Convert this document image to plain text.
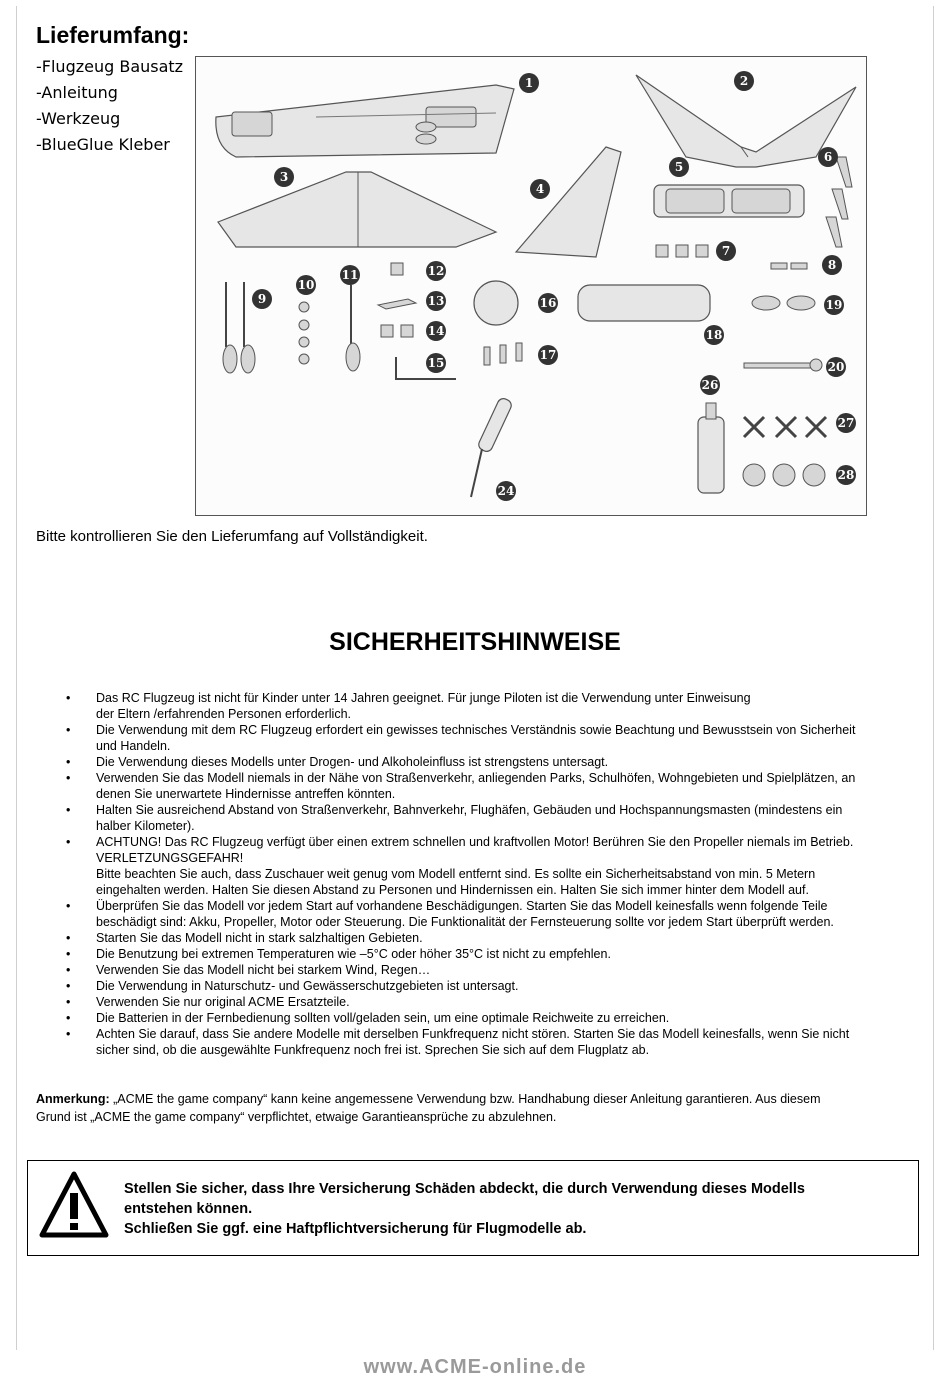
Lieferumfang:
-Flugzeug Bausatz
-Anleitung
-Werkzeug
-BlueGlue Kleber
1	2
3
4
5
6
7
8
9
10
11	12
13
14
15
16
17
18
19
20
24
26
27
28
Bitte kontrollieren Sie den Lieferumfang auf Vollständigkeit.
SICHERHEITSHINWEISE
• Das RC Flugzeug ist nicht für Kinder unter 14 Jahren geeignet. Für junge Piloten ist die Verwendung unter Einweisung
der Eltern /erfahrenden Personen erforderlich.
• Die Verwendung mit dem RC Flugzeug erfordert ein gewisses technisches Verständnis sowie Beachtung und Bewusstsein von Sicherheit
und Handeln.
• Die Verwendung dieses Modells unter Drogen- und Alkoholeinfluss ist strengstens untersagt.
• Verwenden Sie das Modell niemals in der Nähe von Straßenverkehr, anliegenden Parks, Schulhöfen, Wohngebieten und Spielplätzen, an
denen Sie unerwartete Hindernisse antreffen könnten.
• Halten Sie ausreichend Abstand von Straßenverkehr, Bahnverkehr, Flughäfen, Gebäuden und Hochspannungsmasten (mindestens ein
halber Kilometer).
• ACHTUNG! Das RC Flugzeug verfügt über einen extrem schnellen und kraftvollen Motor! Berühren Sie den Propeller niemals im Betrieb.
VERLETZUNGSGEFAHR!
Bitte beachten Sie auch, dass Zuschauer weit genug vom Modell entfernt sind. Es sollte ein Sicherheitsabstand von min. 5 Metern
eingehalten werden. Halten Sie diesen Abstand zu Personen und Hindernissen ein. Halten Sie sich immer hinter dem Modell auf.
• Überprüfen Sie das Modell vor jedem Start auf vorhandene Beschädigungen. Starten Sie das Modell keinesfalls wenn folgende Teile
beschädigt sind: Akku, Propeller, Motor oder Steuerung. Die Funktionalität der Fernsteuerung sollte vor jedem Start überprüft werden.
• Starten Sie das Modell nicht in stark salzhaltigen Gebieten.
• Die Benutzung bei extremen Temperaturen wie –5°C oder höher 35°C ist nicht zu empfehlen.
• Verwenden Sie das Modell nicht bei starkem Wind, Regen…
• Die Verwendung in Naturschutz- und Gewässerschutzgebieten ist untersagt.
• Verwenden Sie nur original ACME Ersatzteile.
• Die Batterien in der Fernbedienung sollten voll/geladen sein, um eine optimale Reichweite zu erreichen.
• Achten Sie darauf, dass Sie andere Modelle mit derselben Funkfrequenz nicht stören. Starten Sie das Modell keinesfalls, wenn Sie nicht
sicher sind, ob die ausgewählte Funkfrequenz noch frei ist. Sprechen Sie sich auf dem Flugplatz ab.
Anmerkung: „ACME the game company“ kann keine angemessene Verwendung bzw. Handhabung dieser Anleitung garantieren. Aus diesem
Grund ist „ACME the game company“ verpflichtet, etwaige Garantieansprüche zu abzulehnen.
Stellen Sie sicher, dass Ihre Versicherung Schäden abdeckt, die durch Verwendung dieses Modells
entstehen können.
Schließen Sie ggf. eine Haftpflichtversicherung für Flugmodelle ab.
www.ACME-online.de
